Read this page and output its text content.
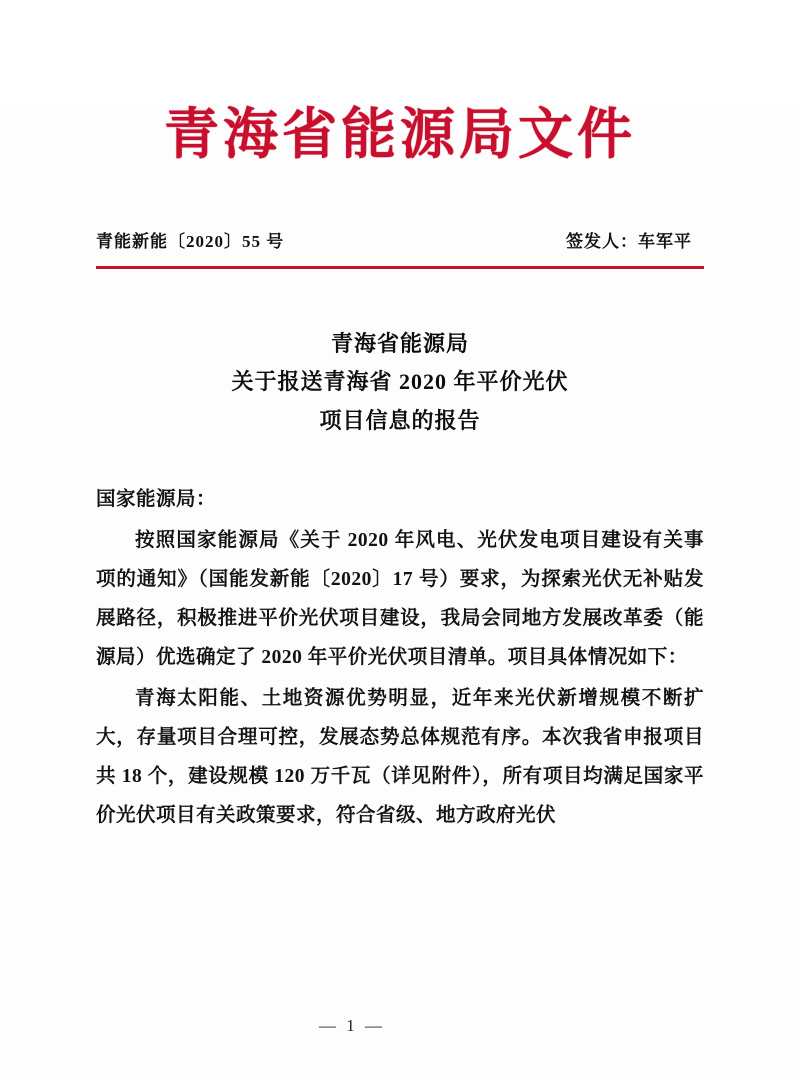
青海省能源局文件
青能新能〔2020〕55 号	签发人：车军平
青海省能源局
关于报送青海省 2020 年平价光伏
项目信息的报告
国家能源局：

按照国家能源局《关于 2020 年风电、光伏发电项目建设有关事项的通知》（国能发新能〔2020〕17 号）要求，为探索光伏无补贴发展路径，积极推进平价光伏项目建设，我局会同地方发展改革委（能源局）优选确定了 2020 年平价光伏项目清单。项目具体情况如下：

青海太阳能、土地资源优势明显，近年来光伏新增规模不断扩大，存量项目合理可控，发展态势总体规范有序。本次我省申报项目共 18 个，建设规模 120 万千瓦（详见附件），所有项目均满足国家平价光伏项目有关政策要求，符合省级、地方政府光伏

— 1 —
